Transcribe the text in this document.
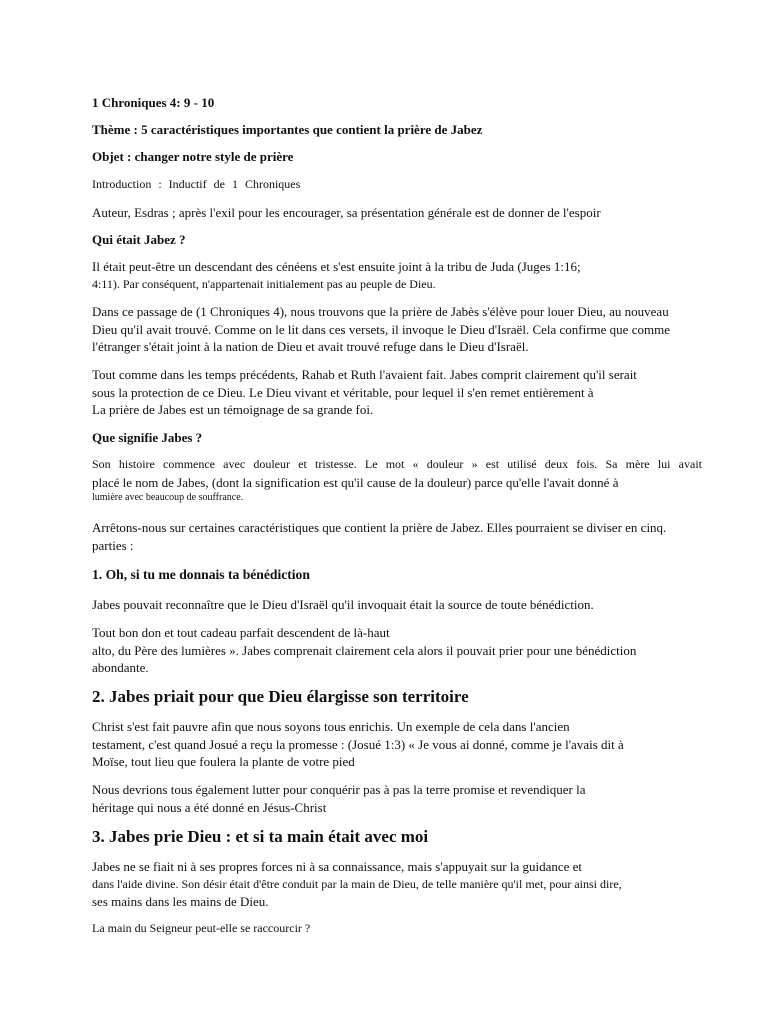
1 Chroniques 4: 9 - 10

Thème : 5 caractéristiques importantes que contient la prière de Jabez

Objet : changer notre style de prière

Introduction : Inductif de 1 Chroniques

Auteur, Esdras ; après l'exil pour les encourager, sa présentation générale est de donner de l'espoir

Qui était Jabez ?

Il était peut-être un descendant des cénéens et s'est ensuite joint à la tribu de Juda (Juges 1:16;
4:11). Par conséquent, n'appartenait initialement pas au peuple de Dieu.

Dans ce passage de (1 Chroniques 4), nous trouvons que la prière de Jabès s'élève pour louer Dieu, au nouveau
Dieu qu'il avait trouvé. Comme on le lit dans ces versets, il invoque le Dieu d'Israël. Cela confirme que comme
l'étranger s'était joint à la nation de Dieu et avait trouvé refuge dans le Dieu d'Israël.

Tout comme dans les temps précédents, Rahab et Ruth l'avaient fait. Jabes comprit clairement qu'il serait
sous la protection de ce Dieu. Le Dieu vivant et véritable, pour lequel il s'en remet entièrement à
La prière de Jabes est un témoignage de sa grande foi.

Que signifie Jabes ?

Son histoire commence avec douleur et tristesse. Le mot « douleur » est utilisé deux fois. Sa mère lui avait
placé le nom de Jabes, (dont la signification est qu'il cause de la douleur) parce qu'elle l'avait donné à
lumière avec beaucoup de souffrance.

Arrêtons-nous sur certaines caractéristiques que contient la prière de Jabez. Elles pourraient se diviser en cinq.
parties :

1. Oh, si tu me donnais ta bénédiction

Jabes pouvait reconnaître que le Dieu d'Israël qu'il invoquait était la source de toute bénédiction.

Tout bon don et tout cadeau parfait descendent de là-haut
alto, du Père des lumières ». Jabes comprenait clairement cela alors il pouvait prier pour une bénédiction
abondante.

2. Jabes priait pour que Dieu élargisse son territoire

Christ s'est fait pauvre afin que nous soyons tous enrichis. Un exemple de cela dans l'ancien
testament, c'est quand Josué a reçu la promesse : (Josué 1:3) « Je vous ai donné, comme je l'avais dit à
Moïse, tout lieu que foulera la plante de votre pied

Nous devrions tous également lutter pour conquérir pas à pas la terre promise et revendiquer la
héritage qui nous a été donné en Jésus-Christ

3. Jabes prie Dieu : et si ta main était avec moi

Jabes ne se fiait ni à ses propres forces ni à sa connaissance, mais s'appuyait sur la guidance et
dans l'aide divine. Son désir était d'être conduit par la main de Dieu, de telle manière qu'il met, pour ainsi dire,
ses mains dans les mains de Dieu.

La main du Seigneur peut-elle se raccourcir ?
